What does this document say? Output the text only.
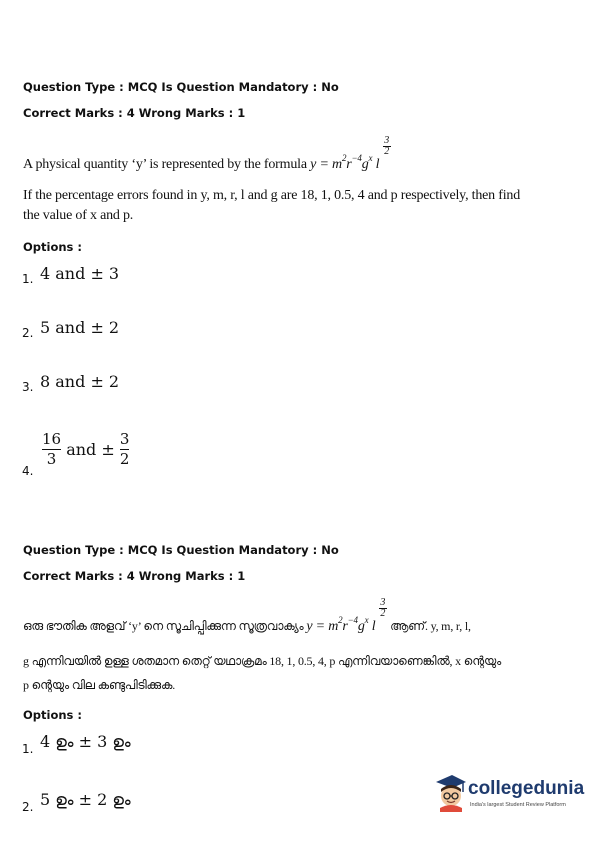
Question Type : MCQ Is Question Mandatory : No
Correct Marks : 4 Wrong Marks : 1
A physical quantity ‘y’ is represented by the formula $y = m^2r^{-4}g^x$ l $\frac{3}{2}$
If the percentage errors found in y, m, r, l and g are 18, 1, 0.5, 4 and p respectively, then find
the value of x and p.
Options :
1. 4 and ± 3
2. 5 and ± 2
3. 8 and ± 2
4.
$\frac{16}{3}$ and ± $\frac{3}{2}$
Question Type : MCQ Is Question Mandatory : No
Correct Marks : 4 Wrong Marks : 1
ഒരു ഭൗതിക അളവ് ‘y’ നെ സൂചിപ്പിക്കുന്ന സൂത്രവാക്യം $y = m^2r^{-4}g^x$ l $\frac{3}{2}$ ആണ്. y, m, r, l,
g എന്നിവയിൽ ഉള്ള ശതമാന തെറ്റ് യഥാക്രമം 18, 1, 0.5, 4, p എന്നിവയാണെങ്കിൽ, x ന്റെയും
p ന്റെയും വില കണ്ടുപിടിക്കുക.
Options :
1. 4 ഉം ± 3 ഉം
2. 5 ഉം ± 2 ഉം
collegedunia
India's largest Student Review Platform
